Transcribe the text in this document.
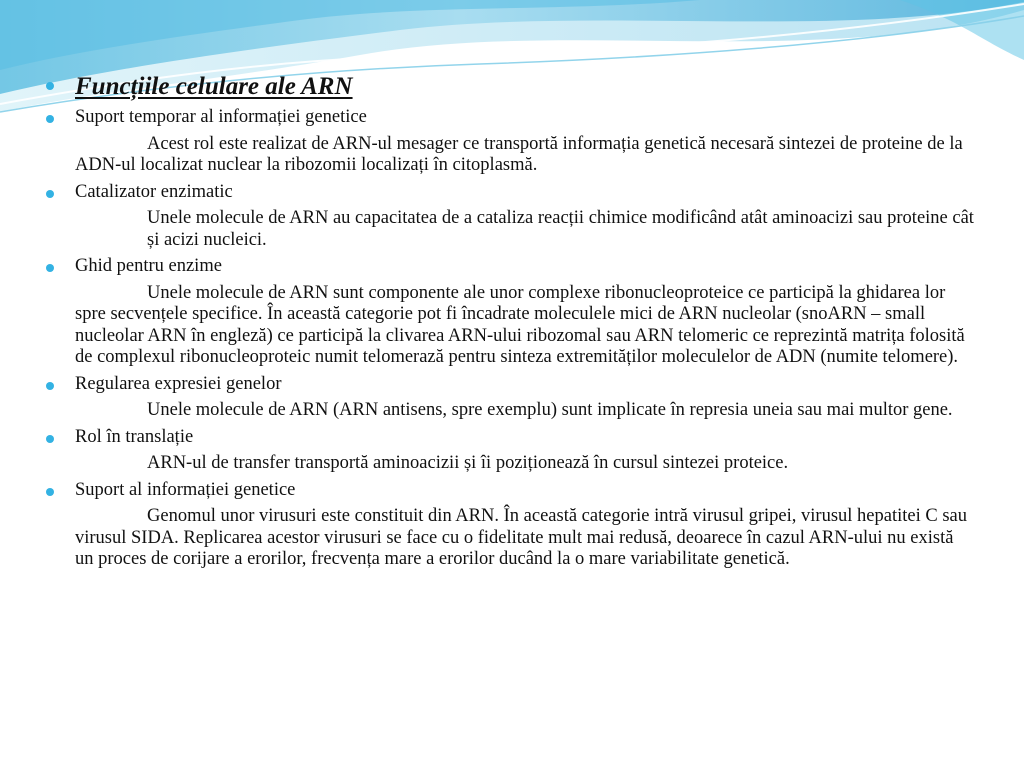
Funcțiile celulare ale ARN
Suport temporar al informației genetice

Acest rol este realizat de ARN-ul mesager ce transportă informația genetică necesară sintezei de proteine de la ADN-ul localizat nuclear la ribozomii localizați în citoplasmă.

Catalizator enzimatic

Unele molecule de ARN au capacitatea de a cataliza reacții chimice modificând atât aminoacizi sau proteine cât și acizi nucleici.

Ghid pentru enzime

Unele molecule de ARN sunt componente ale unor complexe ribonucleoproteice ce participă la ghidarea lor spre secvențele specifice. În această categorie pot fi încadrate moleculele mici de ARN nucleolar (snoARN – small nucleolar ARN în engleză) ce participă la clivarea ARN-ului ribozomal sau ARN telomeric ce reprezintă matrița folosită de complexul ribonucleoproteic numit telomerază pentru sinteza extremităților moleculelor de ADN (numite telomere).

Regularea expresiei genelor

Unele molecule de ARN (ARN antisens, spre exemplu) sunt implicate în represia uneia sau mai multor gene.

Rol în translație

ARN-ul de transfer transportă aminoacizii și îi poziționează în cursul sintezei proteice.

Suport al informației genetice

Genomul unor virusuri este constituit din ARN. În această categorie intră virusul gripei, virusul hepatitei C sau virusul SIDA. Replicarea acestor virusuri se face cu o fidelitate mult mai redusă, deoarece în cazul ARN-ului nu există un proces de corijare a erorilor, frecvența mare a erorilor ducând la o mare variabilitate genetică.
